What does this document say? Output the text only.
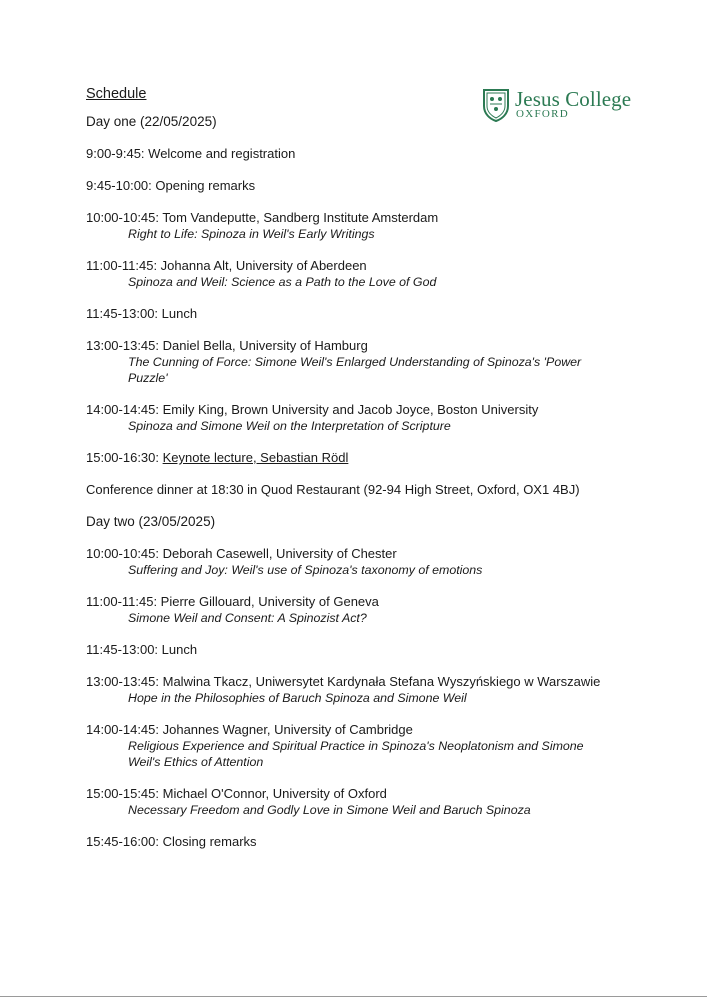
Jesus College
OXFORD
Schedule
Day one (22/05/2025)
9:00-9:45: Welcome and registration
9:45-10:00: Opening remarks
10:00-10:45: Tom Vandeputte, Sandberg Institute Amsterdam
Right to Life: Spinoza in Weil's Early Writings
11:00-11:45: Johanna Alt, University of Aberdeen
Spinoza and Weil: Science as a Path to the Love of God
11:45-13:00: Lunch
13:00-13:45: Daniel Bella, University of Hamburg
The Cunning of Force: Simone Weil's Enlarged Understanding of Spinoza's 'Power Puzzle'
14:00-14:45: Emily King, Brown University and Jacob Joyce, Boston University
Spinoza and Simone Weil on the Interpretation of Scripture
15:00-16:30: Keynote lecture, Sebastian Rödl
Conference dinner at 18:30 in Quod Restaurant (92-94 High Street, Oxford, OX1 4BJ)
Day two (23/05/2025)
10:00-10:45: Deborah Casewell, University of Chester
Suffering and Joy: Weil's use of Spinoza's taxonomy of emotions
11:00-11:45: Pierre Gillouard, University of Geneva
Simone Weil and Consent: A Spinozist Act?
11:45-13:00: Lunch
13:00-13:45: Malwina Tkacz, Uniwersytet Kardynała Stefana Wyszyńskiego w Warszawie
Hope in the Philosophies of Baruch Spinoza and Simone Weil
14:00-14:45: Johannes Wagner, University of Cambridge
Religious Experience and Spiritual Practice in Spinoza's Neoplatonism and Simone Weil's Ethics of Attention
15:00-15:45: Michael O'Connor, University of Oxford
Necessary Freedom and Godly Love in Simone Weil and Baruch Spinoza
15:45-16:00: Closing remarks
